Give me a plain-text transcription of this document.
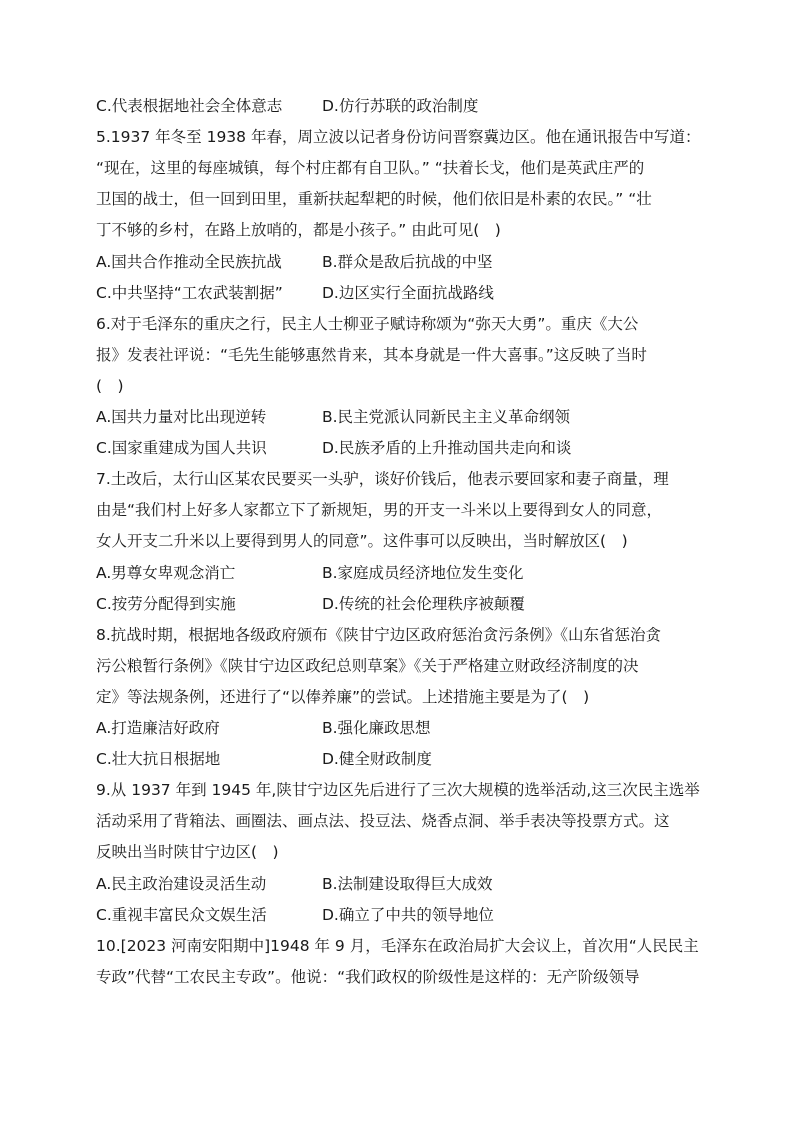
C.代表根据地社会全体意志	D.仿行苏联的政治制度
5.1937 年冬至 1938 年春，周立波以记者身份访问晋察冀边区。他在通讯报告中写道：
“现在，这里的每座城镇，每个村庄都有自卫队。” “扶着长戈，他们是英武庄严的
卫国的战士，但一回到田里，重新扶起犁耙的时候，他们依旧是朴素的农民。” “壮
丁不够的乡村，在路上放哨的，都是小孩子。” 由此可见(　)
A.国共合作推动全民族抗战	B.群众是敌后抗战的中坚
C.中共坚持“工农武装割据”	D.边区实行全面抗战路线
6.对于毛泽东的重庆之行，民主人士柳亚子赋诗称颂为“弥天大勇”。重庆《大公
报》发表社评说：“毛先生能够惠然肯来，其本身就是一件大喜事。”这反映了当时
(　)
A.国共力量对比出现逆转	B.民主党派认同新民主主义革命纲领
C.国家重建成为国人共识	D.民族矛盾的上升推动国共走向和谈
7.土改后，太行山区某农民要买一头驴，谈好价钱后，他表示要回家和妻子商量，理
由是“我们村上好多人家都立下了新规矩，男的开支一斗米以上要得到女人的同意，
女人开支二升米以上要得到男人的同意”。这件事可以反映出，当时解放区(　)
A.男尊女卑观念消亡	B.家庭成员经济地位发生变化
C.按劳分配得到实施	D.传统的社会伦理秩序被颠覆
8.抗战时期，根据地各级政府颁布《陕甘宁边区政府惩治贪污条例》《山东省惩治贪
污公粮暂行条例》《陕甘宁边区政纪总则草案》《关于严格建立财政经济制度的决
定》等法规条例，还进行了“以俸养廉”的尝试。上述措施主要是为了(　)
A.打造廉洁好政府	B.强化廉政思想
C.壮大抗日根据地	D.健全财政制度
9.从 1937 年到 1945 年,陕甘宁边区先后进行了三次大规模的选举活动,这三次民主选举
活动采用了背箱法、画圈法、画点法、投豆法、烧香点洞、举手表决等投票方式。这
反映出当时陕甘宁边区(　)
A.民主政治建设灵活生动	B.法制建设取得巨大成效
C.重视丰富民众文娱生活	D.确立了中共的领导地位
10.[2023 河南安阳期中]1948 年 9 月，毛泽东在政治局扩大会议上，首次用“人民民主
专政”代替“工农民主专政”。他说：“我们政权的阶级性是这样的：无产阶级领导
